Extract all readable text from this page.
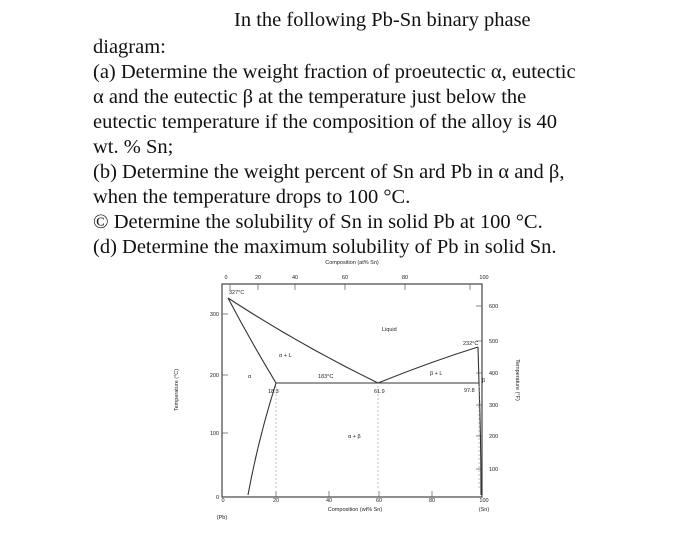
In the following Pb-Sn binary phase
diagram:
(a) Determine the weight fraction of proeutectic α, eutectic
α and the eutectic β at the temperature just below the
eutectic temperature if the composition of the alloy is 40
wt. % Sn;
(b) Determine the weight percent of Sn ard Pb in α and β,
when the temperature drops to 100 °C.
© Determine the solubility of Sn in solid Pb at 100 °C.
(d) Determine the maximum solubility of Pb in solid Sn.
Composition (at% Sn)
0	20	40	60	80	100
0	20	40	60	80	100
(Pb)
Composition (wt% Sn)	(Sn)
Temperature (°C)
0
100
200
300
Temperature (°F)
100
200
300
400
500
600
327°C
232°C
183°C
18.3	61.9	97.8
Liquid
α + L
β + L
α + β
α
β
